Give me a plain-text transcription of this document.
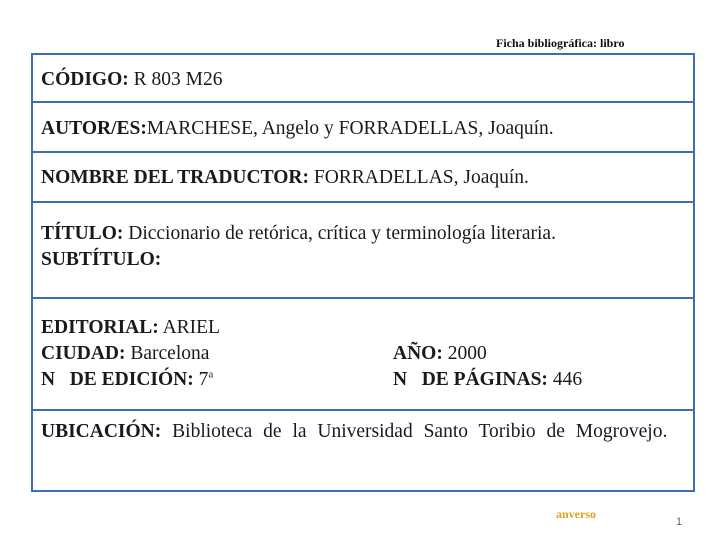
Ficha bibliográfica: libro
CÓDIGO: R 803 M26
AUTOR/ES:MARCHESE, Angelo y FORRADELLAS, Joaquín.
NOMBRE DEL TRADUCTOR: FORRADELLAS, Joaquín.
TÍTULO: Diccionario de retórica, crítica y terminología literaria.
SUBTÍTULO:
EDITORIAL: ARIEL
CIUDAD: Barcelona	AÑO: 2000
N   DE EDICIÓN: 7$^a$	N   DE PÁGINAS: 446
UBICACIÓN: Biblioteca de la Universidad Santo Toribio de Mogrovejo.
anverso
1
